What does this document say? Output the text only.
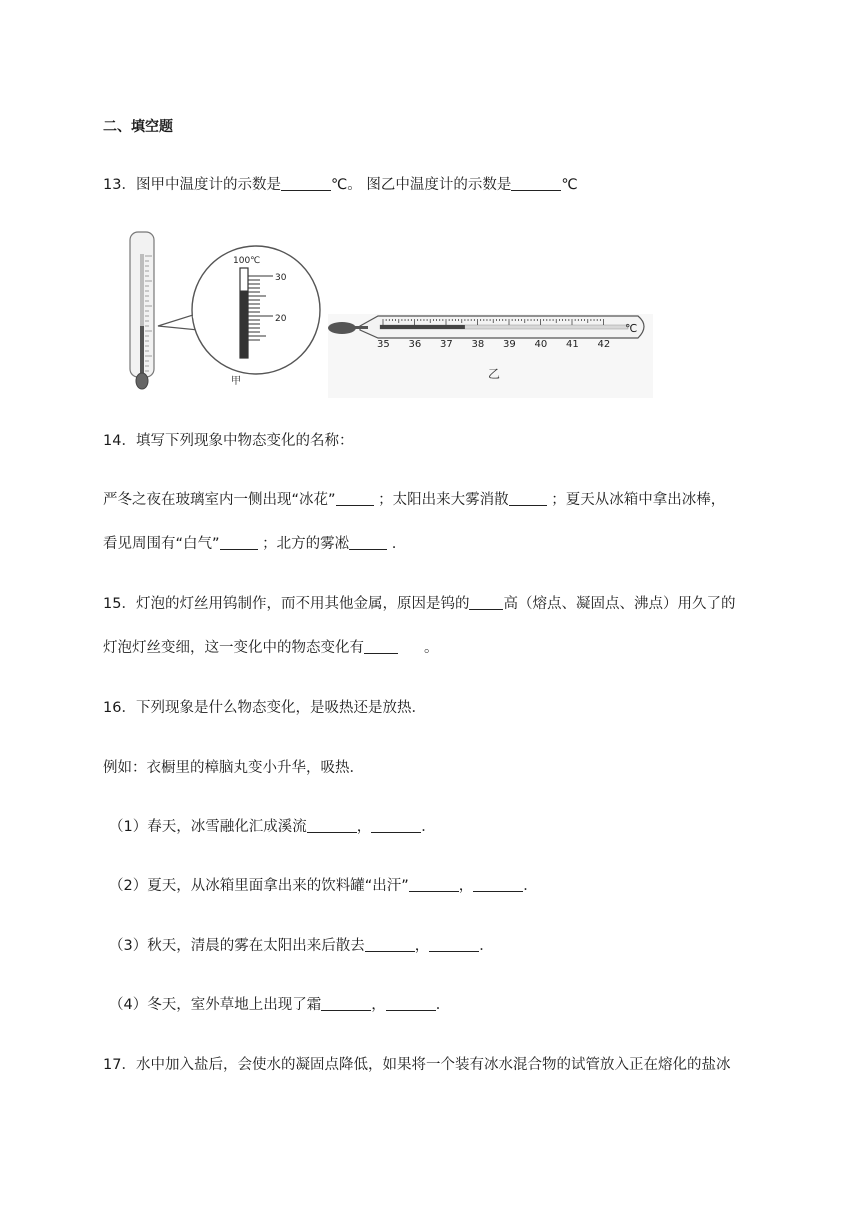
二、填空题
13．图甲中温度计的示数是	℃。 图乙中温度计的示数是	℃
100℃
30
20
甲
35 36 37 38 39 40 41 42
℃
乙
14．填写下列现象中物态变化的名称：
严冬之夜在玻璃室内一侧出现“冰花”	；太阳出来大雾消散	；夏天从冰箱中拿出冰棒，
看见周围有“白气”	；北方的雾凇	.
15．灯泡的灯丝用钨制作，而不用其他金属，原因是钨的 高（熔点、凝固点、沸点）用久了的
灯泡灯丝变细，这一变化中的物态变化有	。
16．下列现象是什么物态变化，是吸热还是放热．
例如：衣橱里的樟脑丸变小升华，吸热．
（1）春天，冰雪融化汇成溪流	，	．
（2）夏天，从冰箱里面拿出来的饮料罐“出汗”	，	．
（3）秋天，清晨的雾在太阳出来后散去	，	．
（4）冬天，室外草地上出现了霜	，	．
17．水中加入盐后，会使水的凝固点降低，如果将一个装有冰水混合物的试管放入正在熔化的盐冰
